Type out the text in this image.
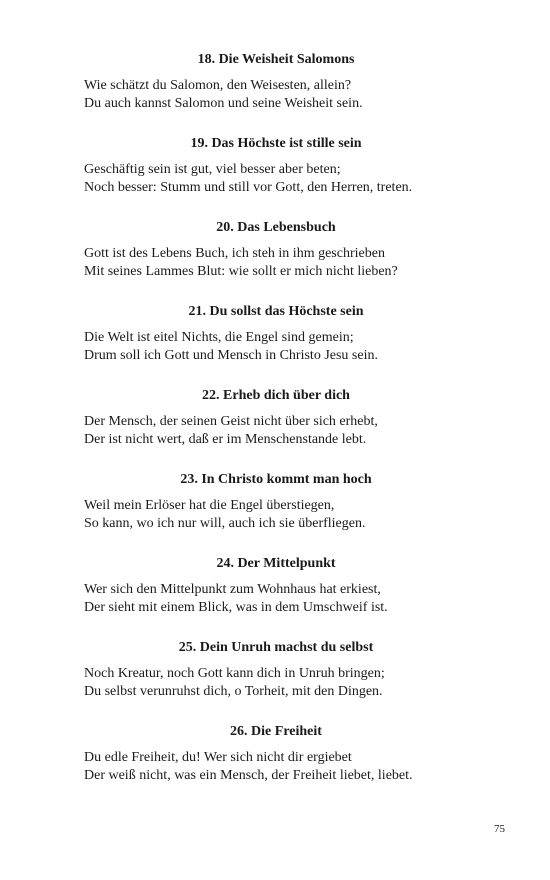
18. Die Weisheit Salomons

Wie schätzt du Salomon, den Weisesten, allein?

Du auch kannst Salomon und seine Weisheit sein.

19. Das Höchste ist stille sein

Geschäftig sein ist gut, viel besser aber beten;

Noch besser: Stumm und still vor Gott, den Herren, treten.

20. Das Lebensbuch

Gott ist des Lebens Buch, ich steh in ihm geschrieben

Mit seines Lammes Blut: wie sollt er mich nicht lieben?

21. Du sollst das Höchste sein

Die Welt ist eitel Nichts, die Engel sind gemein;

Drum soll ich Gott und Mensch in Christo Jesu sein.

22. Erheb dich über dich

Der Mensch, der seinen Geist nicht über sich erhebt,

Der ist nicht wert, daß er im Menschenstande lebt.

23. In Christo kommt man hoch

Weil mein Erlöser hat die Engel überstiegen,

So kann, wo ich nur will, auch ich sie überfliegen.

24. Der Mittelpunkt

Wer sich den Mittelpunkt zum Wohnhaus hat erkiest,

Der sieht mit einem Blick, was in dem Umschweif ist.

25. Dein Unruh machst du selbst

Noch Kreatur, noch Gott kann dich in Unruh bringen;

Du selbst verunruhst dich, o Torheit, mit den Dingen.

26. Die Freiheit

Du edle Freiheit, du! Wer sich nicht dir ergiebet

Der weiß nicht, was ein Mensch, der Freiheit liebet, liebet.

75
